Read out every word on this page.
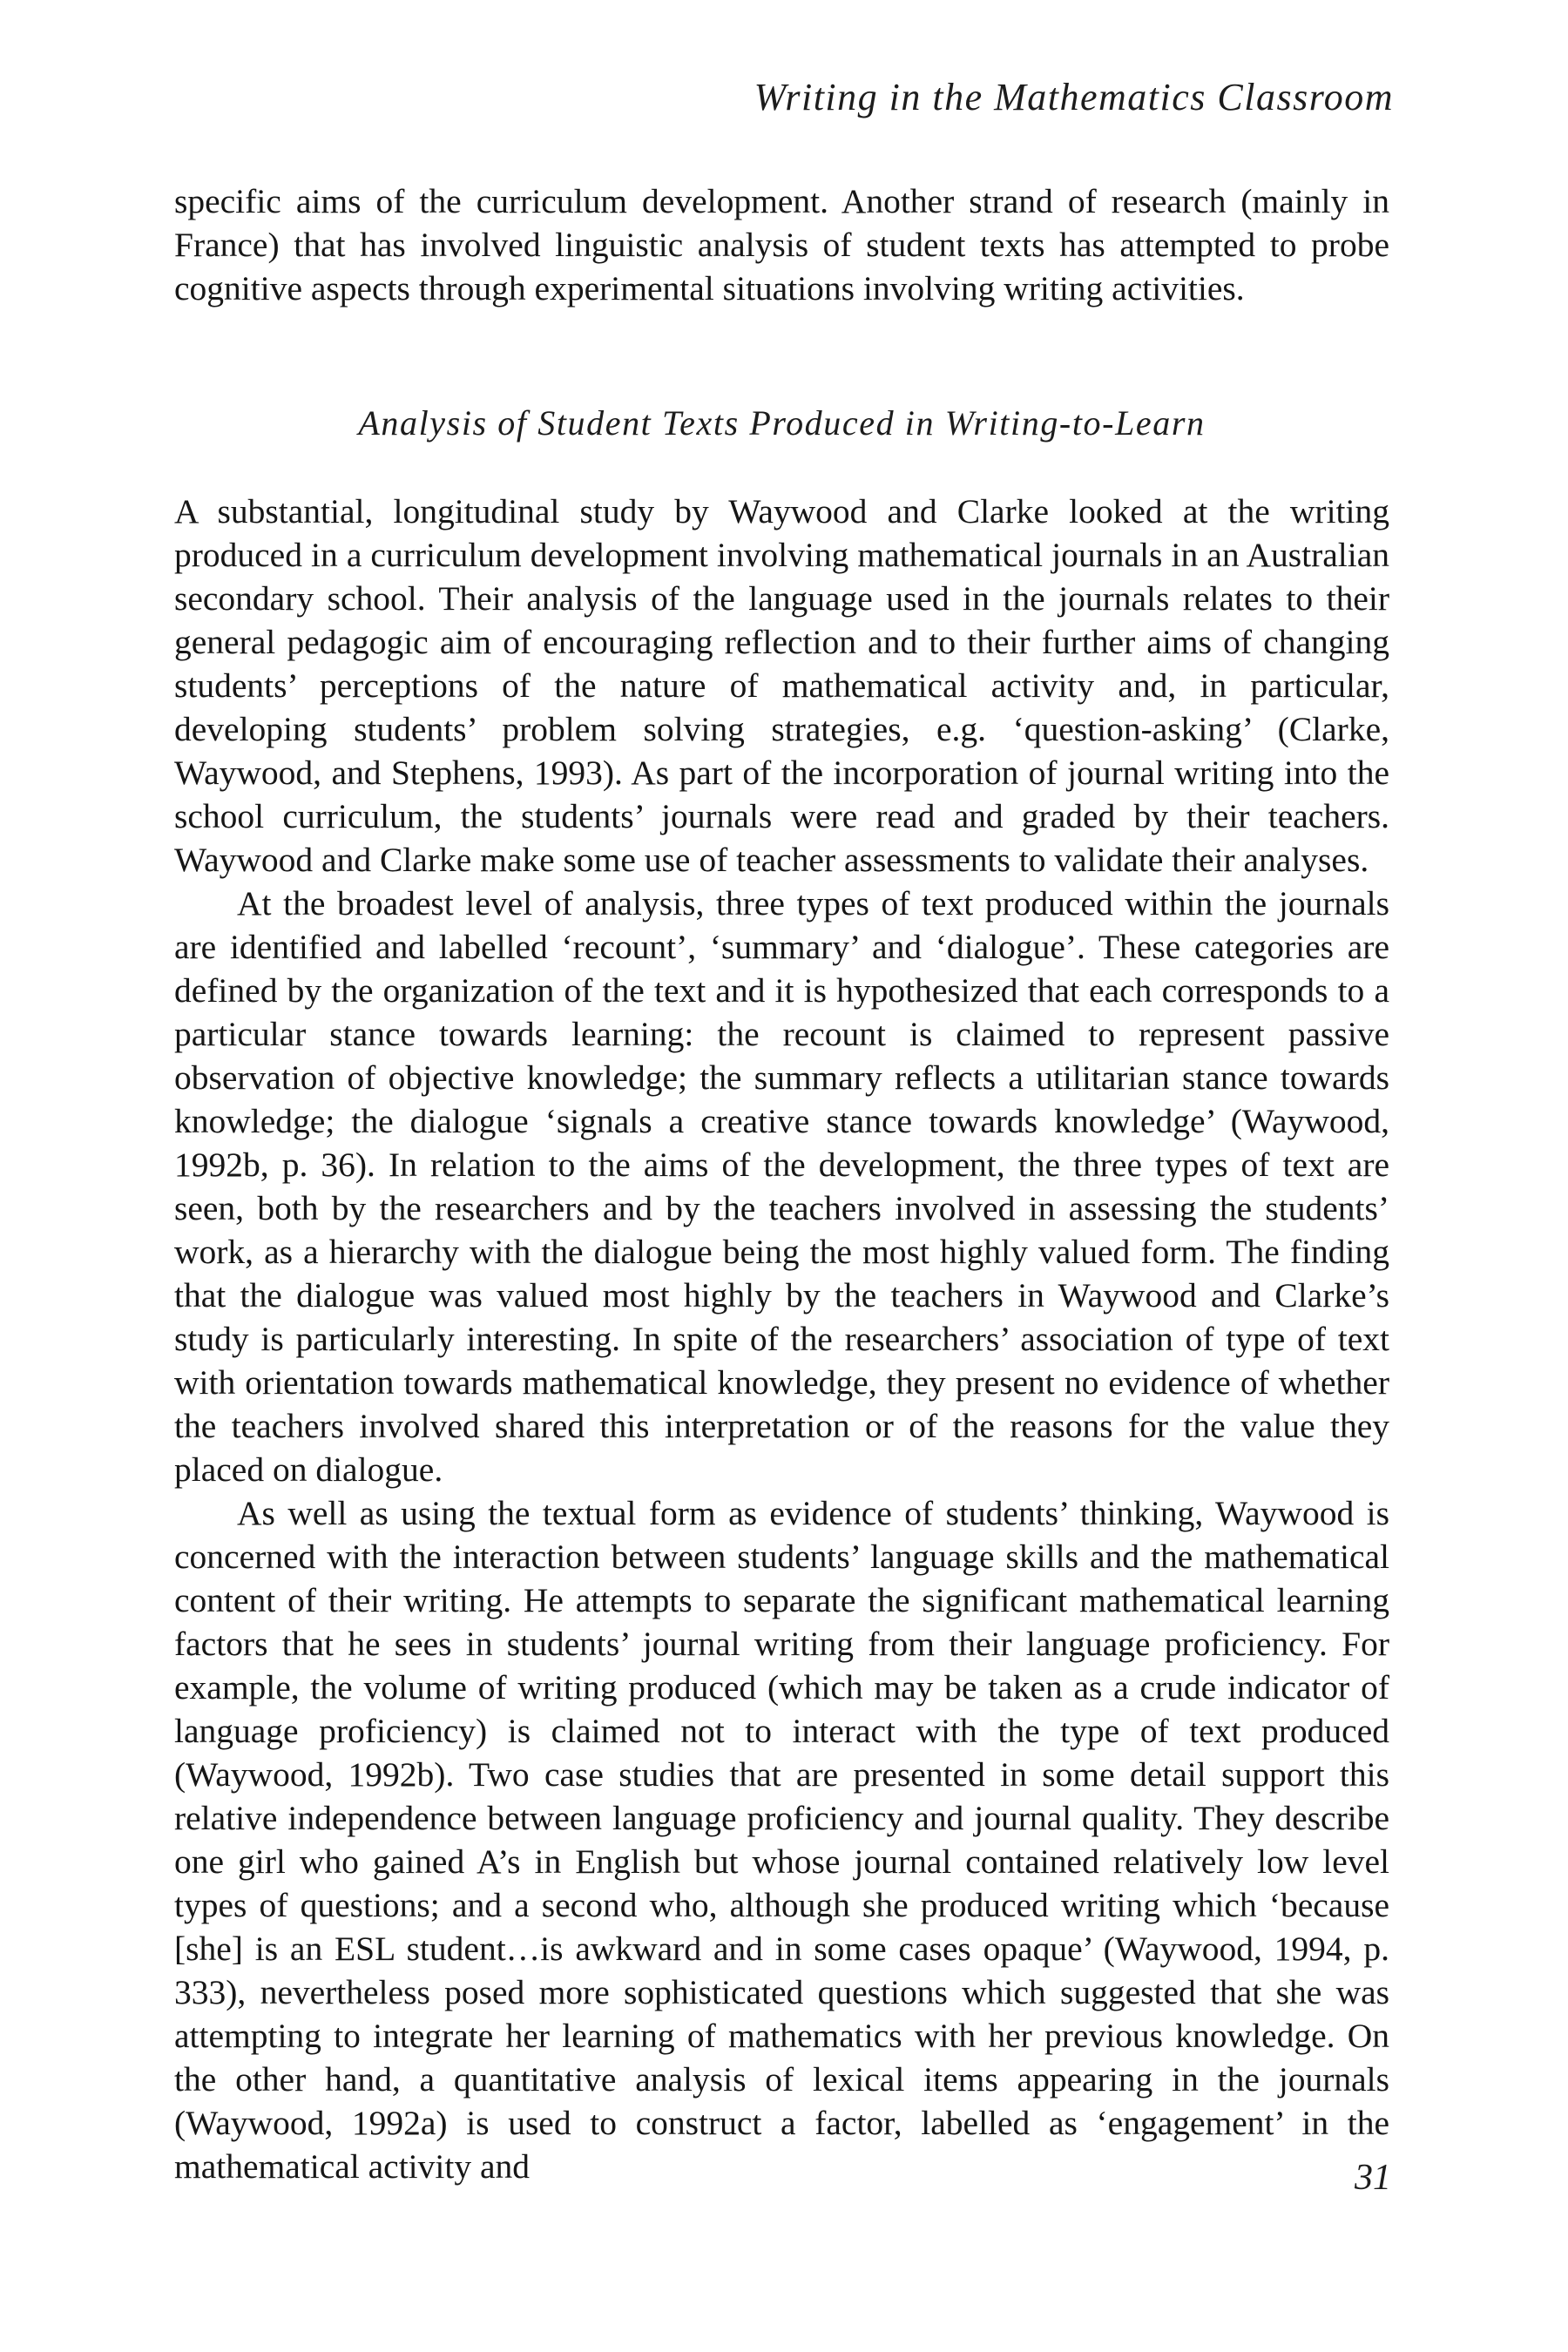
Writing in the Mathematics Classroom

specific aims of the curriculum development. Another strand of research (mainly in France) that has involved linguistic analysis of student texts has attempted to probe cognitive aspects through experimental situations involving writing activities.

Analysis of Student Texts Produced in Writing-to-Learn

A substantial, longitudinal study by Waywood and Clarke looked at the writing produced in a curriculum development involving mathematical journals in an Australian secondary school. Their analysis of the language used in the journals relates to their general pedagogic aim of encouraging reflection and to their further aims of changing students’ perceptions of the nature of mathematical activity and, in particular, developing students’ problem solving strategies, e.g. ‘question-asking’ (Clarke, Waywood, and Stephens, 1993). As part of the incorporation of journal writing into the school curriculum, the students’ journals were read and graded by their teachers. Waywood and Clarke make some use of teacher assessments to validate their analyses.

At the broadest level of analysis, three types of text produced within the journals are identified and labelled ‘recount’, ‘summary’ and ‘dialogue’. These categories are defined by the organization of the text and it is hypothesized that each corresponds to a particular stance towards learning: the recount is claimed to represent passive observation of objective knowledge; the summary reflects a utilitarian stance towards knowledge; the dialogue ‘signals a creative stance towards knowledge’ (Waywood, 1992b, p. 36). In relation to the aims of the development, the three types of text are seen, both by the researchers and by the teachers involved in assessing the students’ work, as a hierarchy with the dialogue being the most highly valued form. The finding that the dialogue was valued most highly by the teachers in Waywood and Clarke’s study is particularly interesting. In spite of the researchers’ association of type of text with orientation towards mathematical knowledge, they present no evidence of whether the teachers involved shared this interpretation or of the reasons for the value they placed on dialogue.

As well as using the textual form as evidence of students’ thinking, Waywood is concerned with the interaction between students’ language skills and the mathematical content of their writing. He attempts to separate the significant mathematical learning factors that he sees in students’ journal writing from their language proficiency. For example, the volume of writing produced (which may be taken as a crude indicator of language proficiency) is claimed not to interact with the type of text produced (Waywood, 1992b). Two case studies that are presented in some detail support this relative independence between language proficiency and journal quality. They describe one girl who gained A’s in English but whose journal contained relatively low level types of questions; and a second who, although she produced writing which ‘because [she] is an ESL student…is awkward and in some cases opaque’ (Waywood, 1994, p. 333), nevertheless posed more sophisticated questions which suggested that she was attempting to integrate her learning of mathematics with her previous knowledge. On the other hand, a quantitative analysis of lexical items appearing in the journals (Waywood, 1992a) is used to construct a factor, labelled as ‘engagement’ in the mathematical activity and	31
